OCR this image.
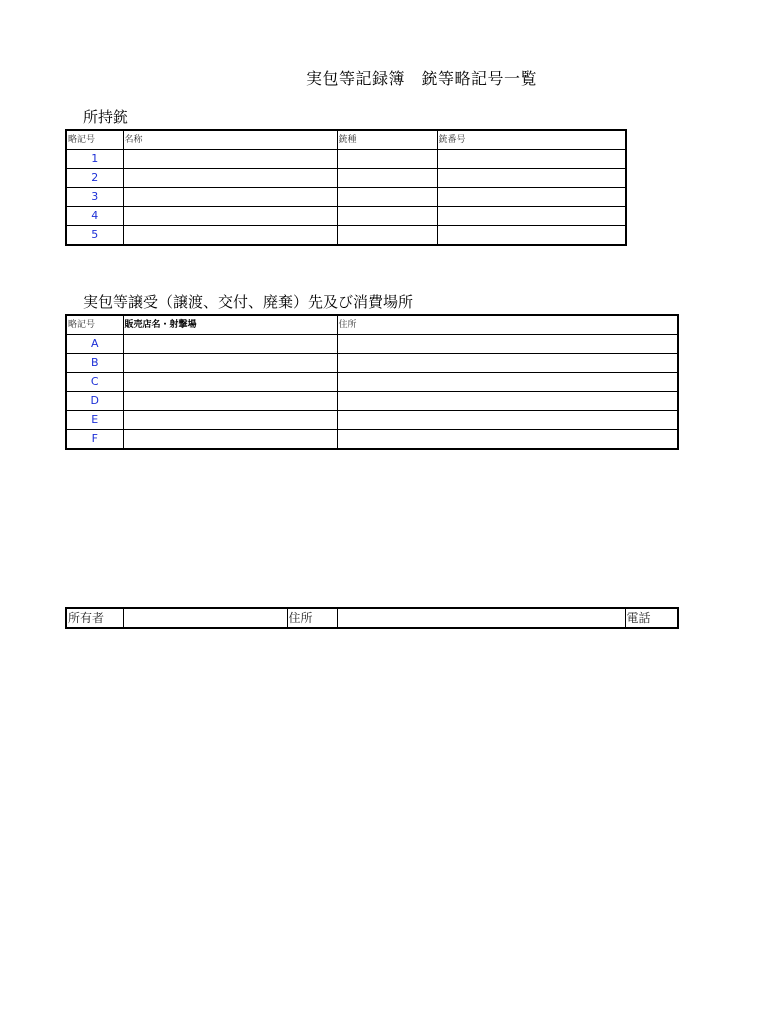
実包等記録簿　銃等略記号一覧
所持銃
略記号	名称	銃種	銃番号
1			
2			
3			
4			
5			
実包等譲受（譲渡、交付、廃棄）先及び消費場所
略記号	販売店名・射撃場	住所
A		
B		
C		
D		
E		
F		
所有者		住所		電話
